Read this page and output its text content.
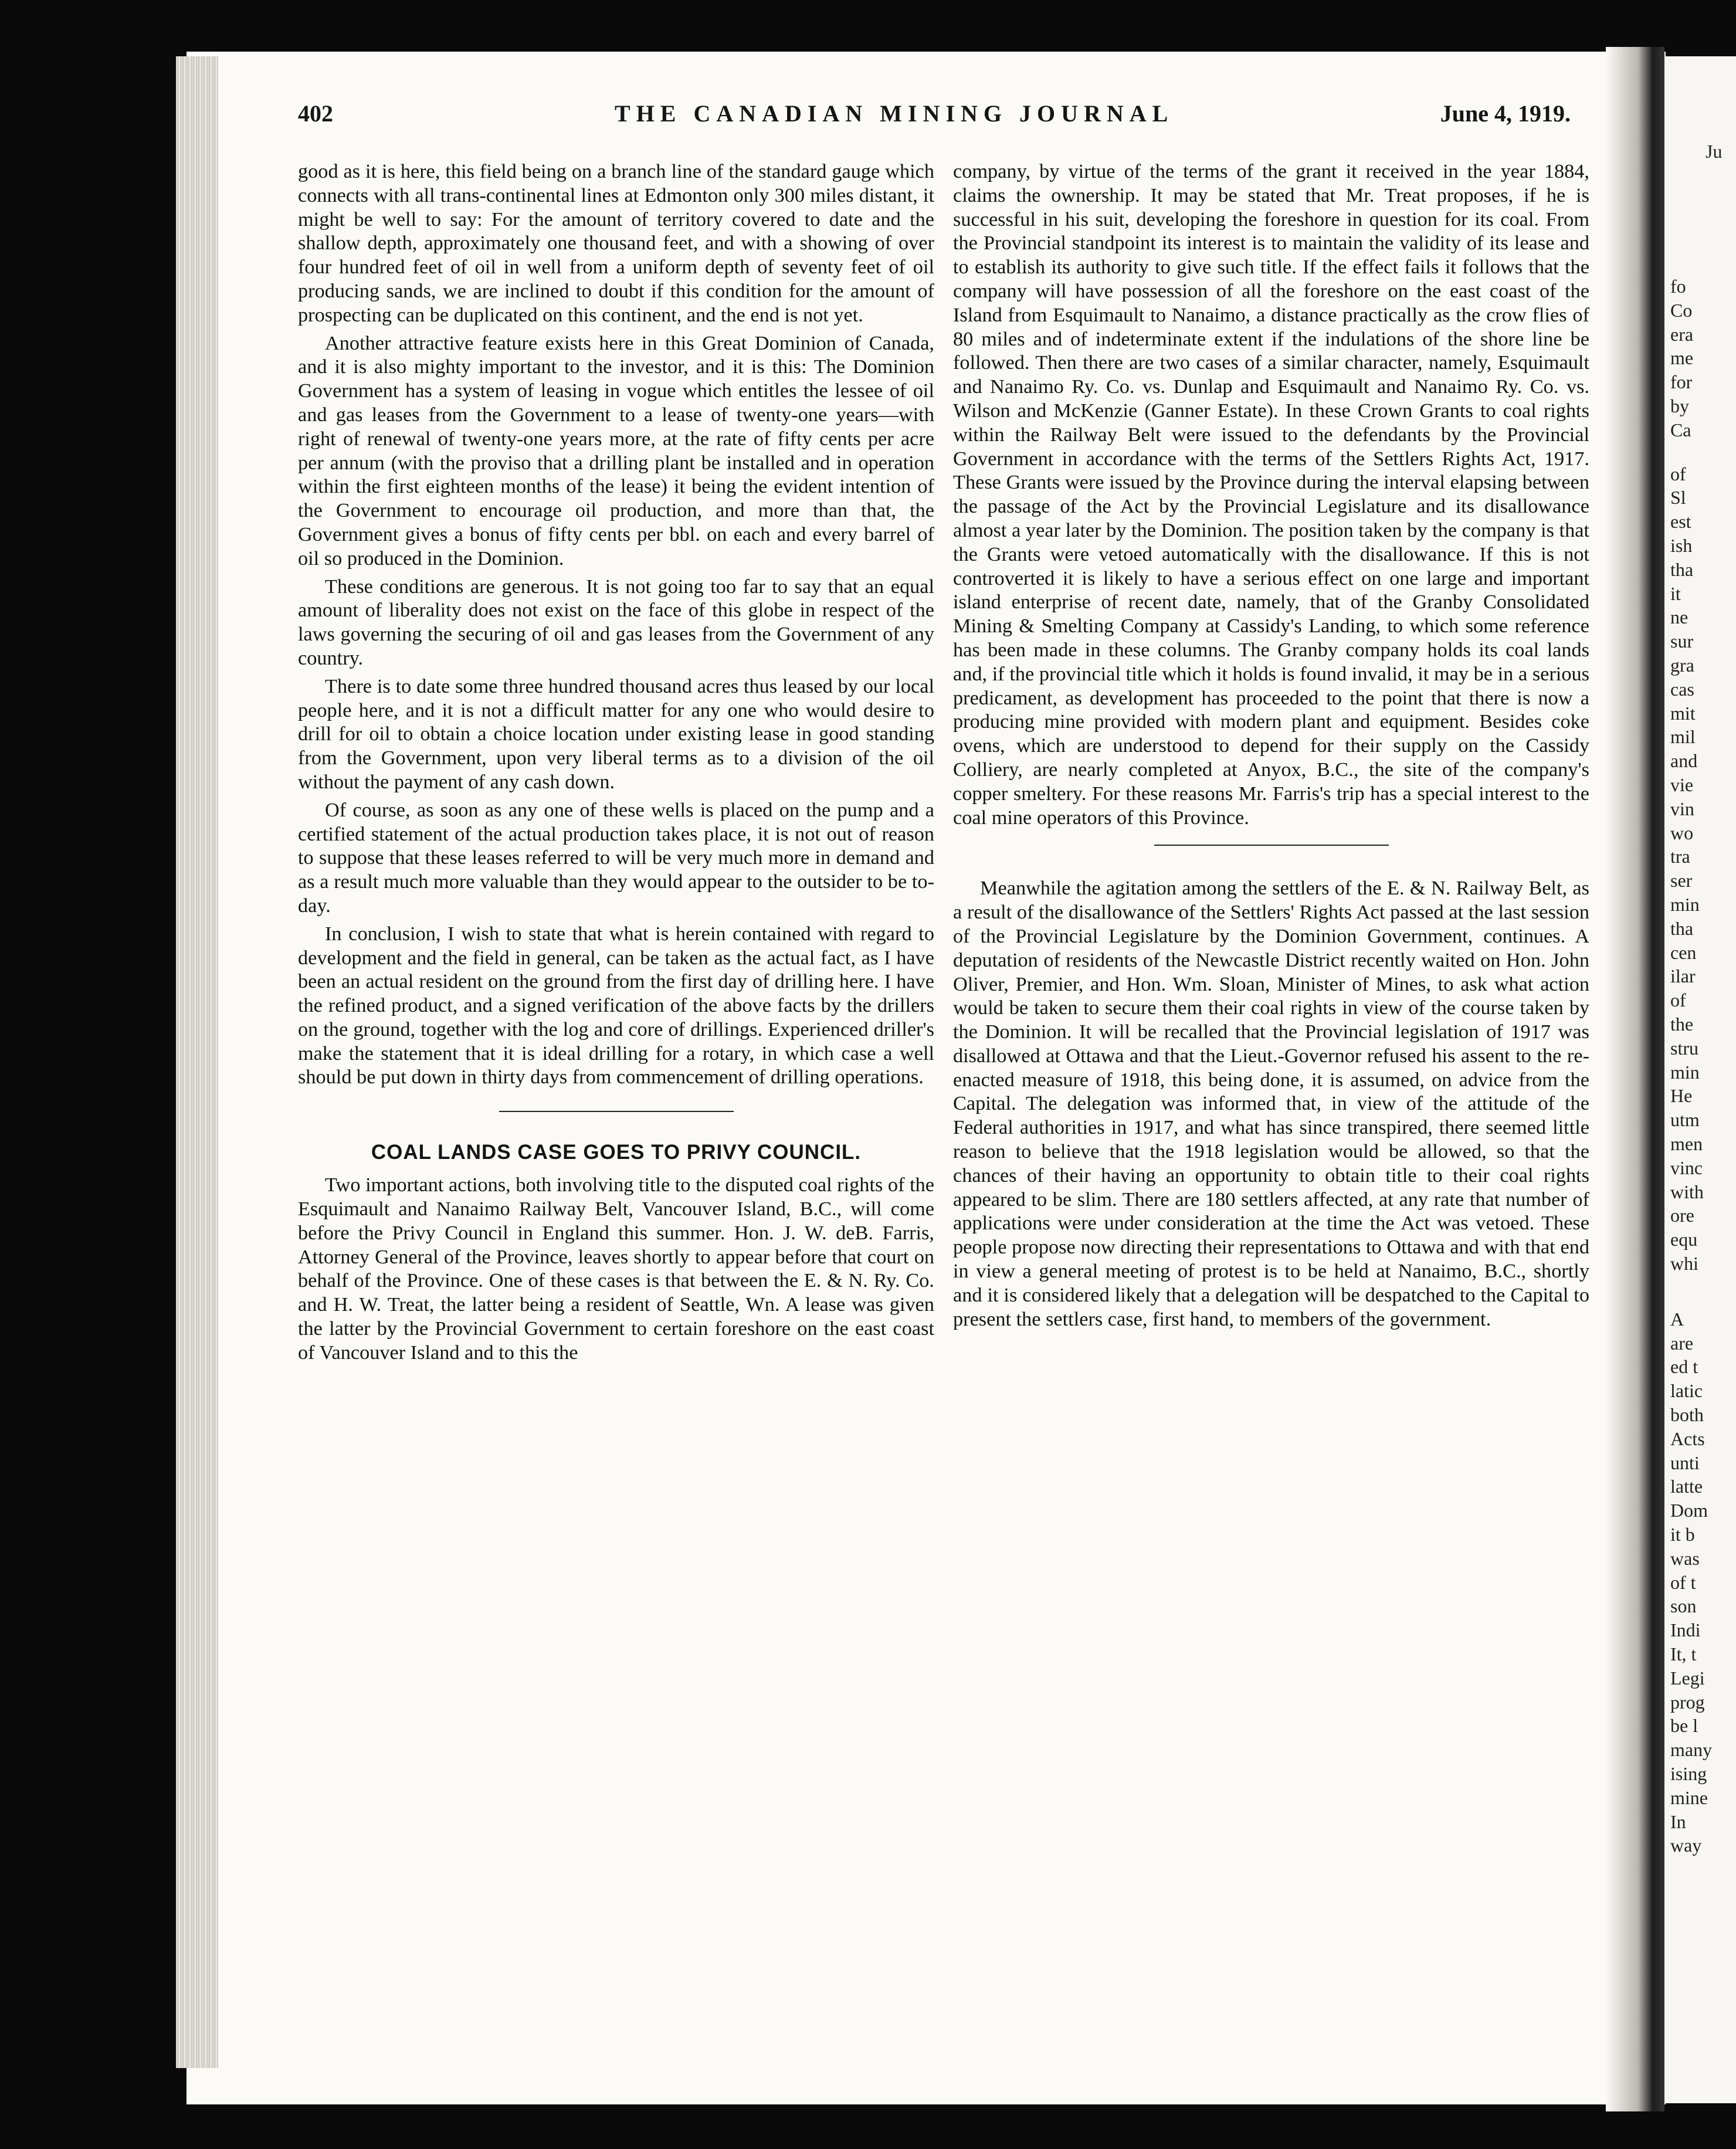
Ju
fo
Co
era
me
for
by
Ca
of
Sl
est
ish
tha
it
ne
sur
gra
cas
mit
mil
and
vie
vin
wo
tra
ser
min
tha
cen
ilar
of
the
stru
min
He
utm
men
vinc
with
ore
equ
whi
A
are
ed t
latic
both
Acts
unti
latte
Dom
it b
was
of t
son
Indi
It, t
Legi
prog
be l
many
ising
mine
In
way
402	THE CANADIAN MINING JOURNAL	June 4, 1919.

good as it is here, this field being on a branch line of the standard gauge which connects with all trans-continental lines at Edmonton only 300 miles distant, it might be well to say: For the amount of territory covered to date and the shallow depth, approximately one thousand feet, and with a showing of over four hundred feet of oil in well from a uniform depth of seventy feet of oil producing sands, we are inclined to doubt if this condition for the amount of prospecting can be duplicated on this continent, and the end is not yet.

Another attractive feature exists here in this Great Dominion of Canada, and it is also mighty important to the investor, and it is this: The Dominion Government has a system of leasing in vogue which entitles the lessee of oil and gas leases from the Government to a lease of twenty-one years—with right of renewal of twenty-one years more, at the rate of fifty cents per acre per annum (with the proviso that a drilling plant be installed and in operation within the first eighteen months of the lease) it being the evident intention of the Government to encourage oil production, and more than that, the Government gives a bonus of fifty cents per bbl. on each and every barrel of oil so produced in the Dominion.

These conditions are generous. It is not going too far to say that an equal amount of liberality does not exist on the face of this globe in respect of the laws governing the securing of oil and gas leases from the Government of any country.

There is to date some three hundred thousand acres thus leased by our local people here, and it is not a difficult matter for any one who would desire to drill for oil to obtain a choice location under existing lease in good standing from the Government, upon very liberal terms as to a division of the oil without the payment of any cash down.

Of course, as soon as any one of these wells is placed on the pump and a certified statement of the actual production takes place, it is not out of reason to suppose that these leases referred to will be very much more in demand and as a result much more valuable than they would appear to the outsider to be to-day.

In conclusion, I wish to state that what is herein contained with regard to development and the field in general, can be taken as the actual fact, as I have been an actual resident on the ground from the first day of drilling here. I have the refined product, and a signed verification of the above facts by the drillers on the ground, together with the log and core of drillings. Experienced driller's make the statement that it is ideal drilling for a rotary, in which case a well should be put down in thirty days from commencement of drilling operations.

COAL LANDS CASE GOES TO PRIVY COUNCIL.

Two important actions, both involving title to the disputed coal rights of the Esquimault and Nanaimo Railway Belt, Vancouver Island, B.C., will come before the Privy Council in England this summer. Hon. J. W. deB. Farris, Attorney General of the Province, leaves shortly to appear before that court on behalf of the Province. One of these cases is that between the E. & N. Ry. Co. and H. W. Treat, the latter being a resident of Seattle, Wn. A lease was given the latter by the Provincial Government to certain foreshore on the east coast of Vancouver Island and to this the

company, by virtue of the terms of the grant it received in the year 1884, claims the ownership. It may be stated that Mr. Treat proposes, if he is successful in his suit, developing the foreshore in question for its coal. From the Provincial standpoint its interest is to maintain the validity of its lease and to establish its authority to give such title. If the effect fails it follows that the company will have possession of all the foreshore on the east coast of the Island from Esquimault to Nanaimo, a distance practically as the crow flies of 80 miles and of indeterminate extent if the indulations of the shore line be followed. Then there are two cases of a similar character, namely, Esquimault and Nanaimo Ry. Co. vs. Dunlap and Esquimault and Nanaimo Ry. Co. vs. Wilson and McKenzie (Ganner Estate). In these Crown Grants to coal rights within the Railway Belt were issued to the defendants by the Provincial Government in accordance with the terms of the Settlers Rights Act, 1917. These Grants were issued by the Province during the interval elapsing between the passage of the Act by the Provincial Legislature and its disallowance almost a year later by the Dominion. The position taken by the company is that the Grants were vetoed automatically with the disallowance. If this is not controverted it is likely to have a serious effect on one large and important island enterprise of recent date, namely, that of the Granby Consolidated Mining & Smelting Company at Cassidy's Landing, to which some reference has been made in these columns. The Granby company holds its coal lands and, if the provincial title which it holds is found invalid, it may be in a serious predicament, as development has proceeded to the point that there is now a producing mine provided with modern plant and equipment. Besides coke ovens, which are understood to depend for their supply on the Cassidy Colliery, are nearly completed at Anyox, B.C., the site of the company's copper smeltery. For these reasons Mr. Farris's trip has a special interest to the coal mine operators of this Province.

Meanwhile the agitation among the settlers of the E. & N. Railway Belt, as a result of the disallowance of the Settlers' Rights Act passed at the last session of the Provincial Legislature by the Dominion Government, continues. A deputation of residents of the Newcastle District recently waited on Hon. John Oliver, Premier, and Hon. Wm. Sloan, Minister of Mines, to ask what action would be taken to secure them their coal rights in view of the course taken by the Dominion. It will be recalled that the Provincial legislation of 1917 was disallowed at Ottawa and that the Lieut.-Governor refused his assent to the re-enacted measure of 1918, this being done, it is assumed, on advice from the Capital. The delegation was informed that, in view of the attitude of the Federal authorities in 1917, and what has since transpired, there seemed little reason to believe that the 1918 legislation would be allowed, so that the chances of their having an opportunity to obtain title to their coal rights appeared to be slim. There are 180 settlers affected, at any rate that number of applications were under consideration at the time the Act was vetoed. These people propose now directing their representations to Ottawa and with that end in view a general meeting of protest is to be held at Nanaimo, B.C., shortly and it is considered likely that a delegation will be despatched to the Capital to present the settlers case, first hand, to members of the government.
